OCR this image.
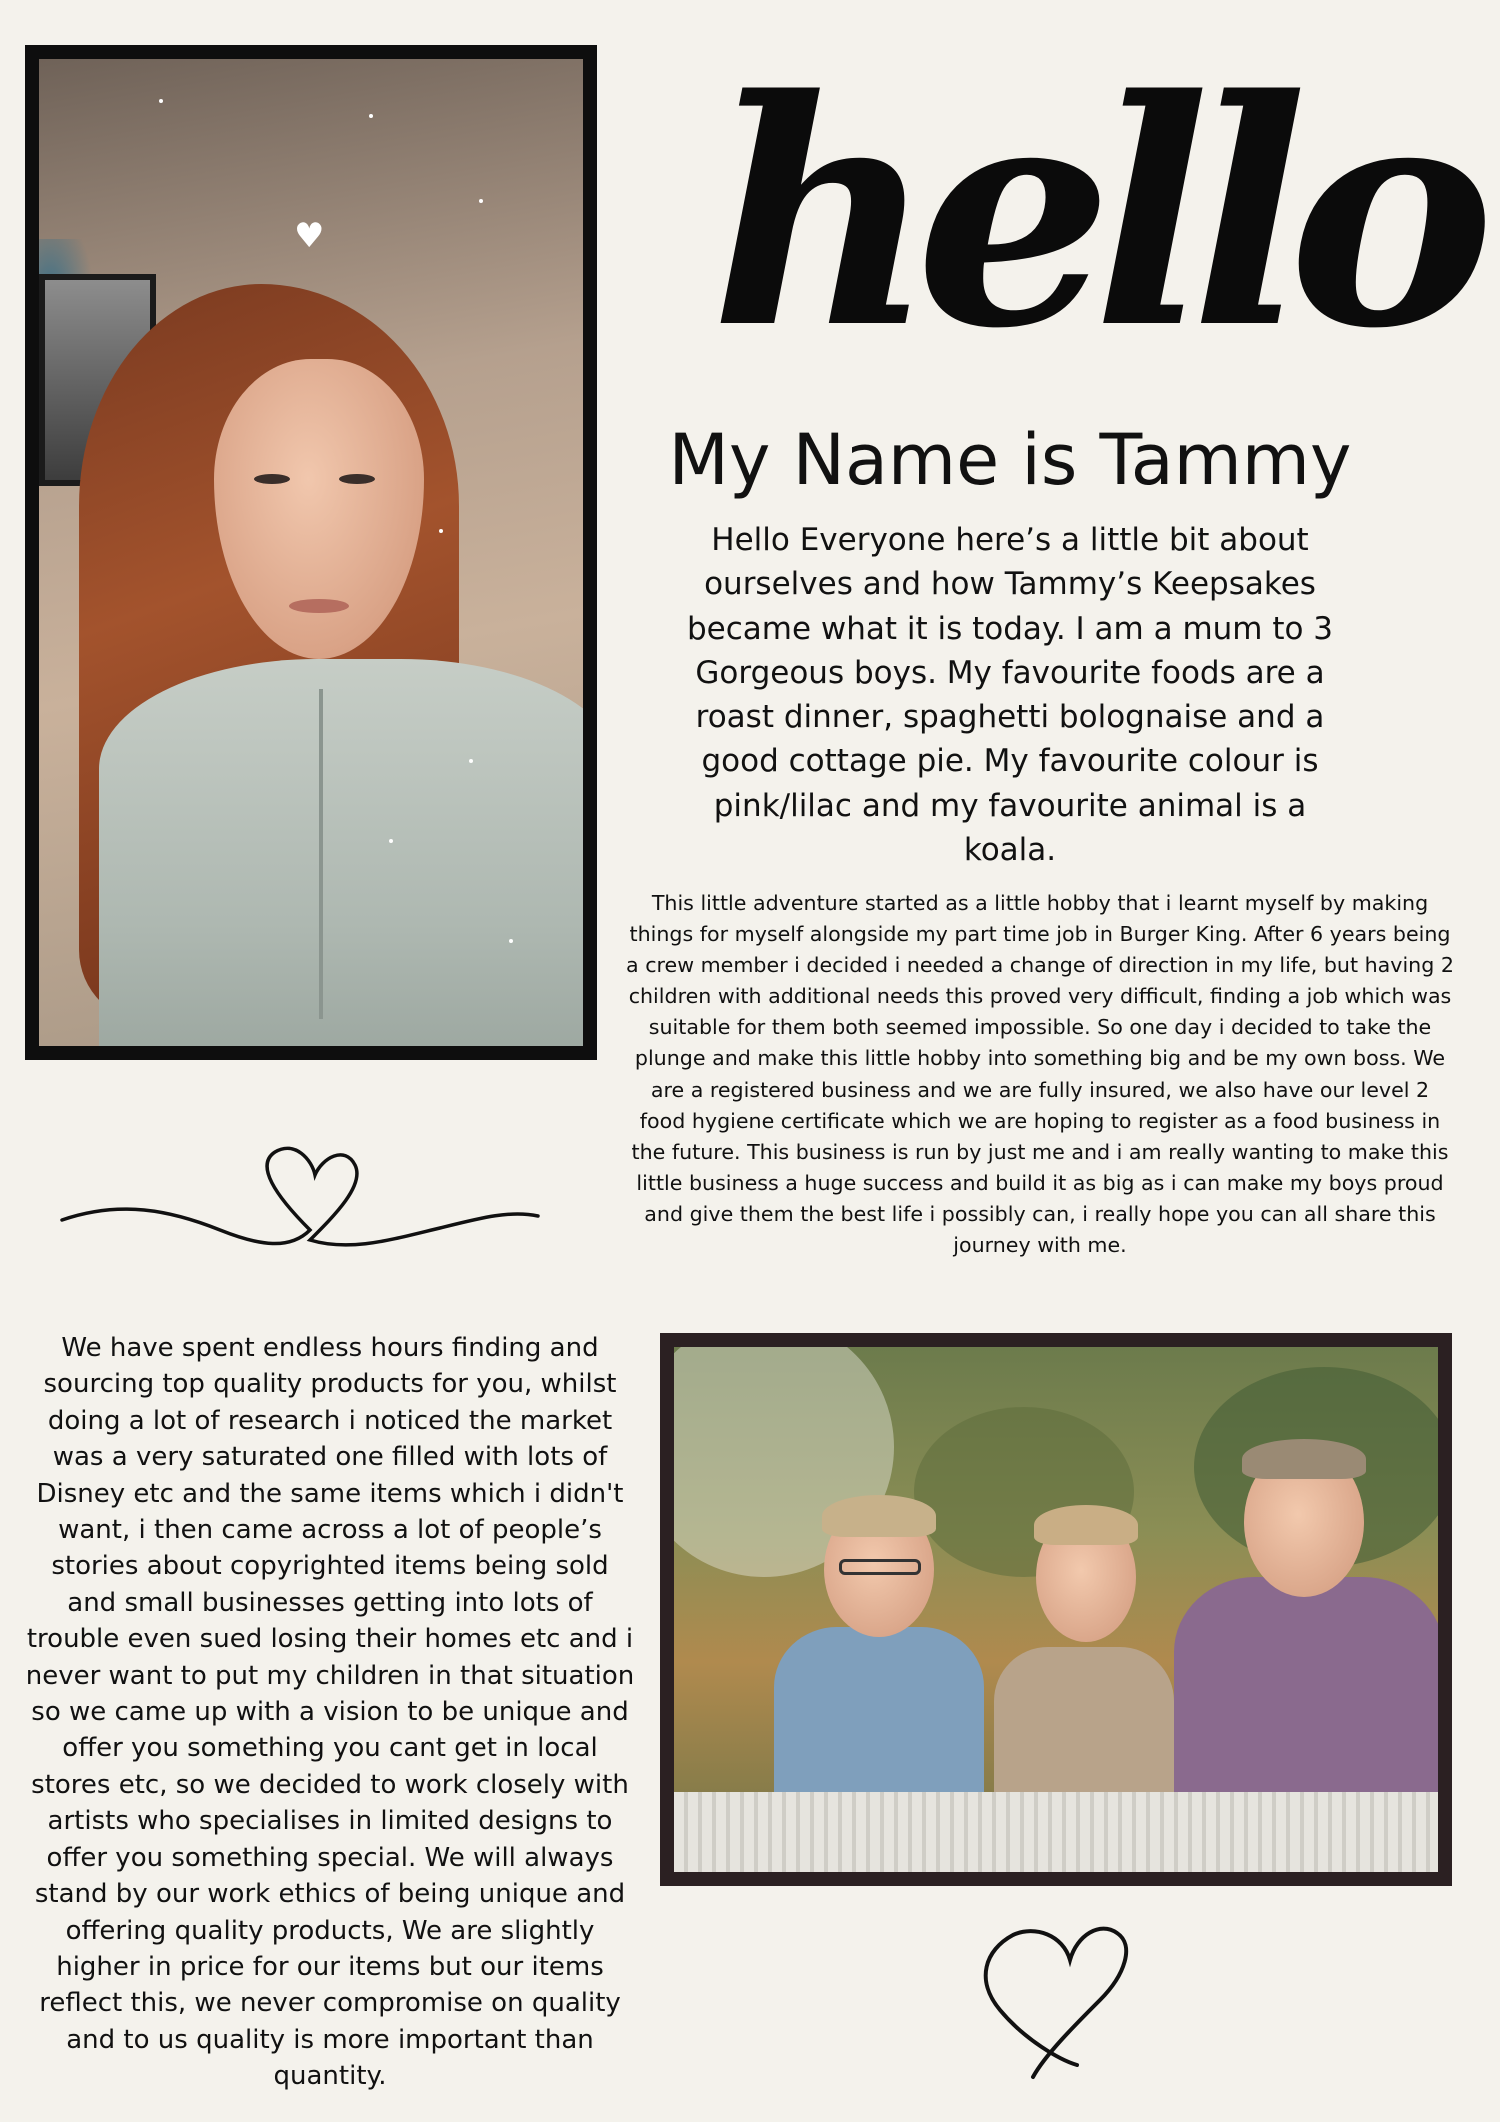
♥ hello
My Name is Tammy

Hello Everyone here’s a little bit about ourselves and how Tammy’s Keepsakes became what it is today. I am a mum to 3 Gorgeous boys. My favourite foods are a roast dinner, spaghetti bolognaise and a good cottage pie. My favourite colour is pink/lilac and my favourite animal is a koala.

This little adventure started as a little hobby that i learnt myself by making things for myself alongside my part time job in Burger King. After 6 years being a crew member i decided i needed a change of direction in my life, but having 2 children with additional needs this proved very difficult, finding a job which was suitable for them both seemed impossible. So one day i decided to take the plunge and make this little hobby into something big and be my own boss. We are a registered business and we are fully insured, we also have our level 2 food hygiene certificate which we are hoping to register as a food business in the future. This business is run by just me and i am really wanting to make this little business a huge success and build it as big as i can make my boys proud and give them the best life i possibly can, i really hope you can all share this journey with me.

We have spent endless hours finding and sourcing top quality products for you, whilst doing a lot of research i noticed the market was a very saturated one filled with lots of Disney etc and the same items which i didn't want, i then came across a lot of people’s stories about copyrighted items being sold and small businesses getting into lots of trouble even sued losing their homes etc and i never want to put my children in that situation so we came up with a vision to be unique and offer you something you cant get in local stores etc, so we decided to work closely with artists who specialises in limited designs to offer you something special. We will always stand by our work ethics of being unique and offering quality products, We are slightly higher in price for our items but our items reflect this, we never compromise on quality and to us quality is more important than quantity.
